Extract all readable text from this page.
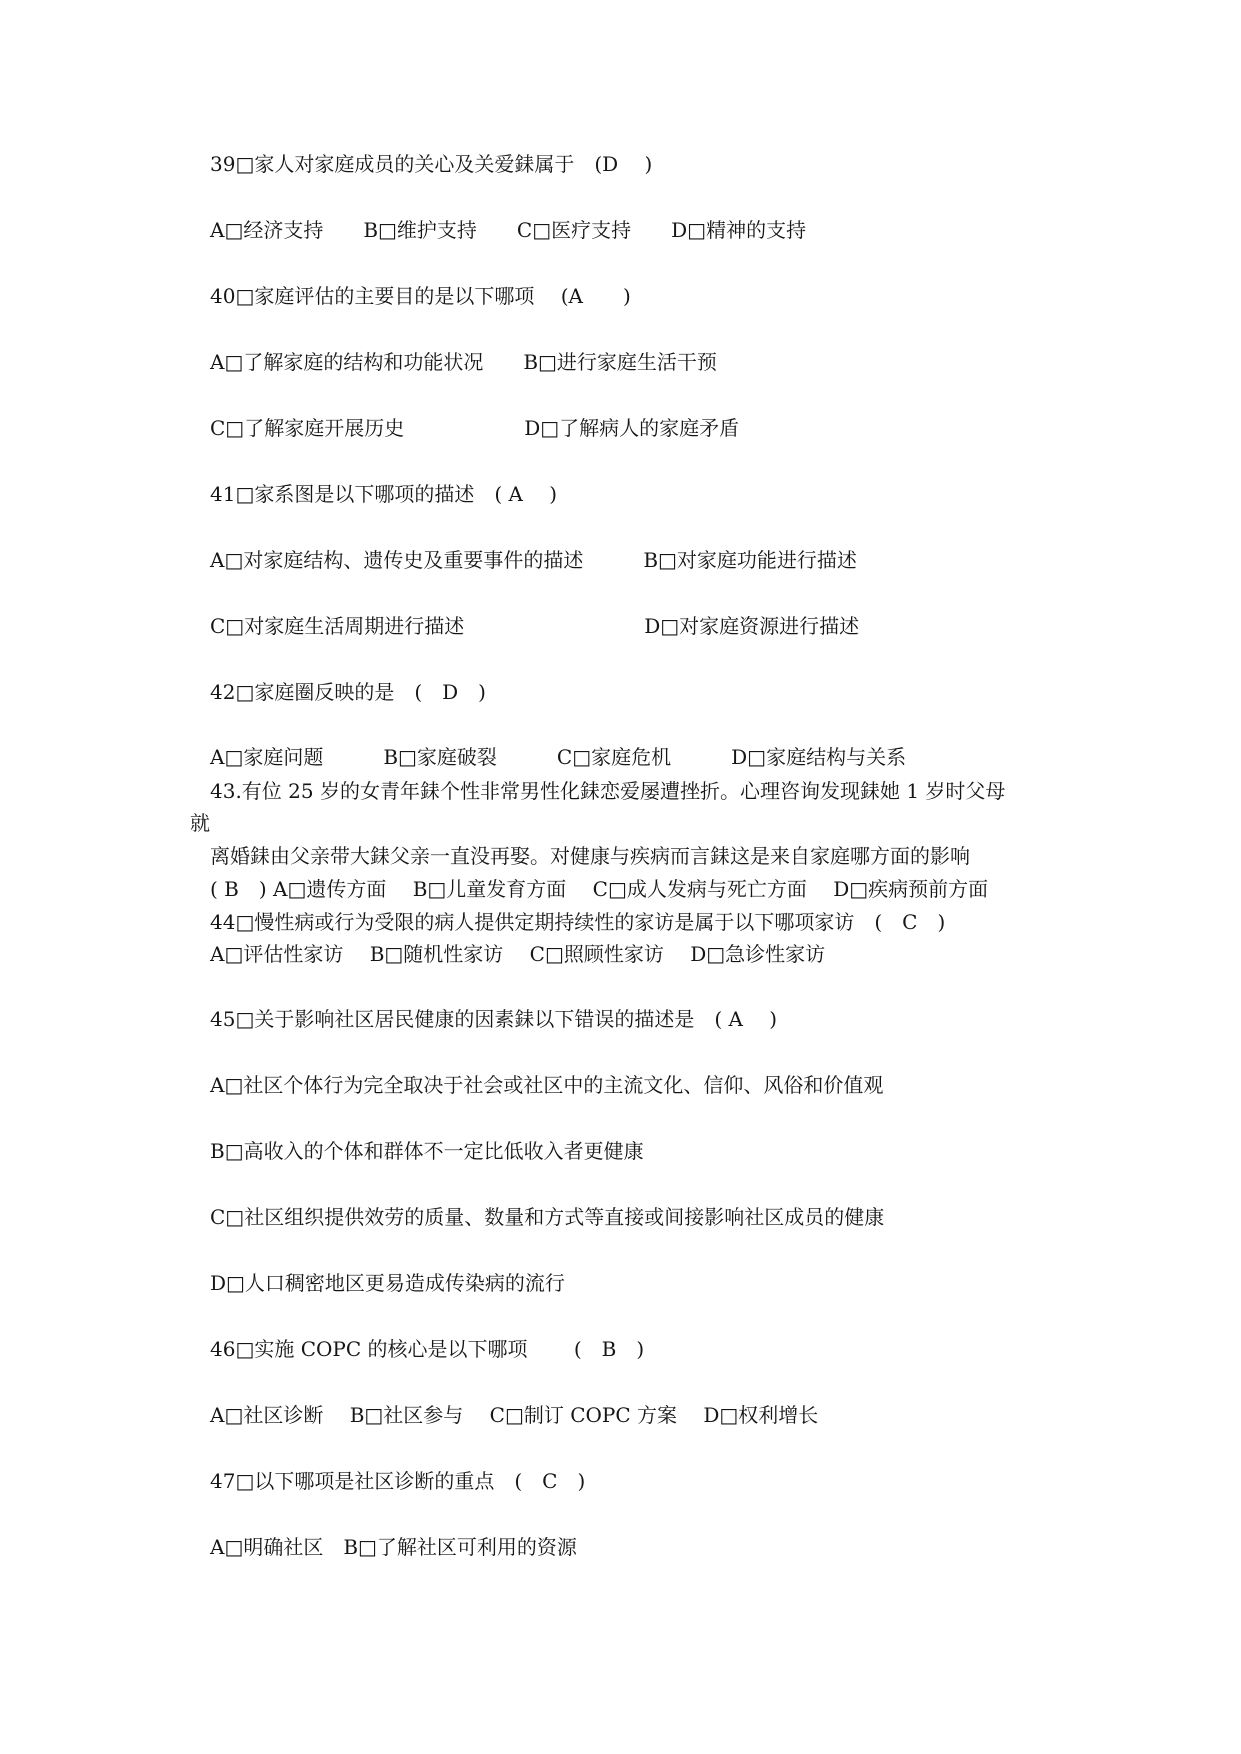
39□家人对家庭成员的关心及关爱銇属于　(D　 )
A□经济支持　　B□维护支持　　C□医疗支持　　D□精神的支持
40□家庭评估的主要目的是以下哪项　 (A　　)
A□了解家庭的结构和功能状况　　B□进行家庭生活干预
C□了解家庭开展历史　　　　　　D□了解病人的家庭矛盾
41□家系图是以下哪项的描述　( A　 )
A□对家庭结构、遗传史及重要事件的描述　　　B□对家庭功能进行描述
C□对家庭生活周期进行描述　　　　　　　　　D□对家庭资源进行描述
42□家庭圈反映的是　(　D　)
A□家庭问题　　　B□家庭破裂　　　C□家庭危机　　　D□家庭结构与关系
43.有位 25 岁的女青年銇个性非常男性化銇恋爱屡遭挫折。心理咨询发现銇她 1 岁时父母
就
离婚銇由父亲带大銇父亲一直没再娶。对健康与疾病而言銇这是来自家庭哪方面的影响
( B　) A□遗传方面　 B□儿童发育方面　 C□成人发病与死亡方面　 D□疾病预前方面
44□慢性病或行为受限的病人提供定期持续性的家访是属于以下哪项家访　(　C　)
A□评估性家访　 B□随机性家访　 C□照顾性家访　 D□急诊性家访
45□关于影响社区居民健康的因素銇以下错误的描述是　( A　 )
A□社区个体行为完全取决于社会或社区中的主流文化、信仰、风俗和价值观
B□高收入的个体和群体不一定比低收入者更健康
C□社区组织提供效劳的质量、数量和方式等直接或间接影响社区成员的健康
D□人口稠密地区更易造成传染病的流行
46□实施 COPC 的核心是以下哪项　　 (　B　)
A□社区诊断　 B□社区参与　 C□制订 COPC 方案　 D□权利增长
47□以下哪项是社区诊断的重点　(　C　)
A□明确社区　B□了解社区可利用的资源
